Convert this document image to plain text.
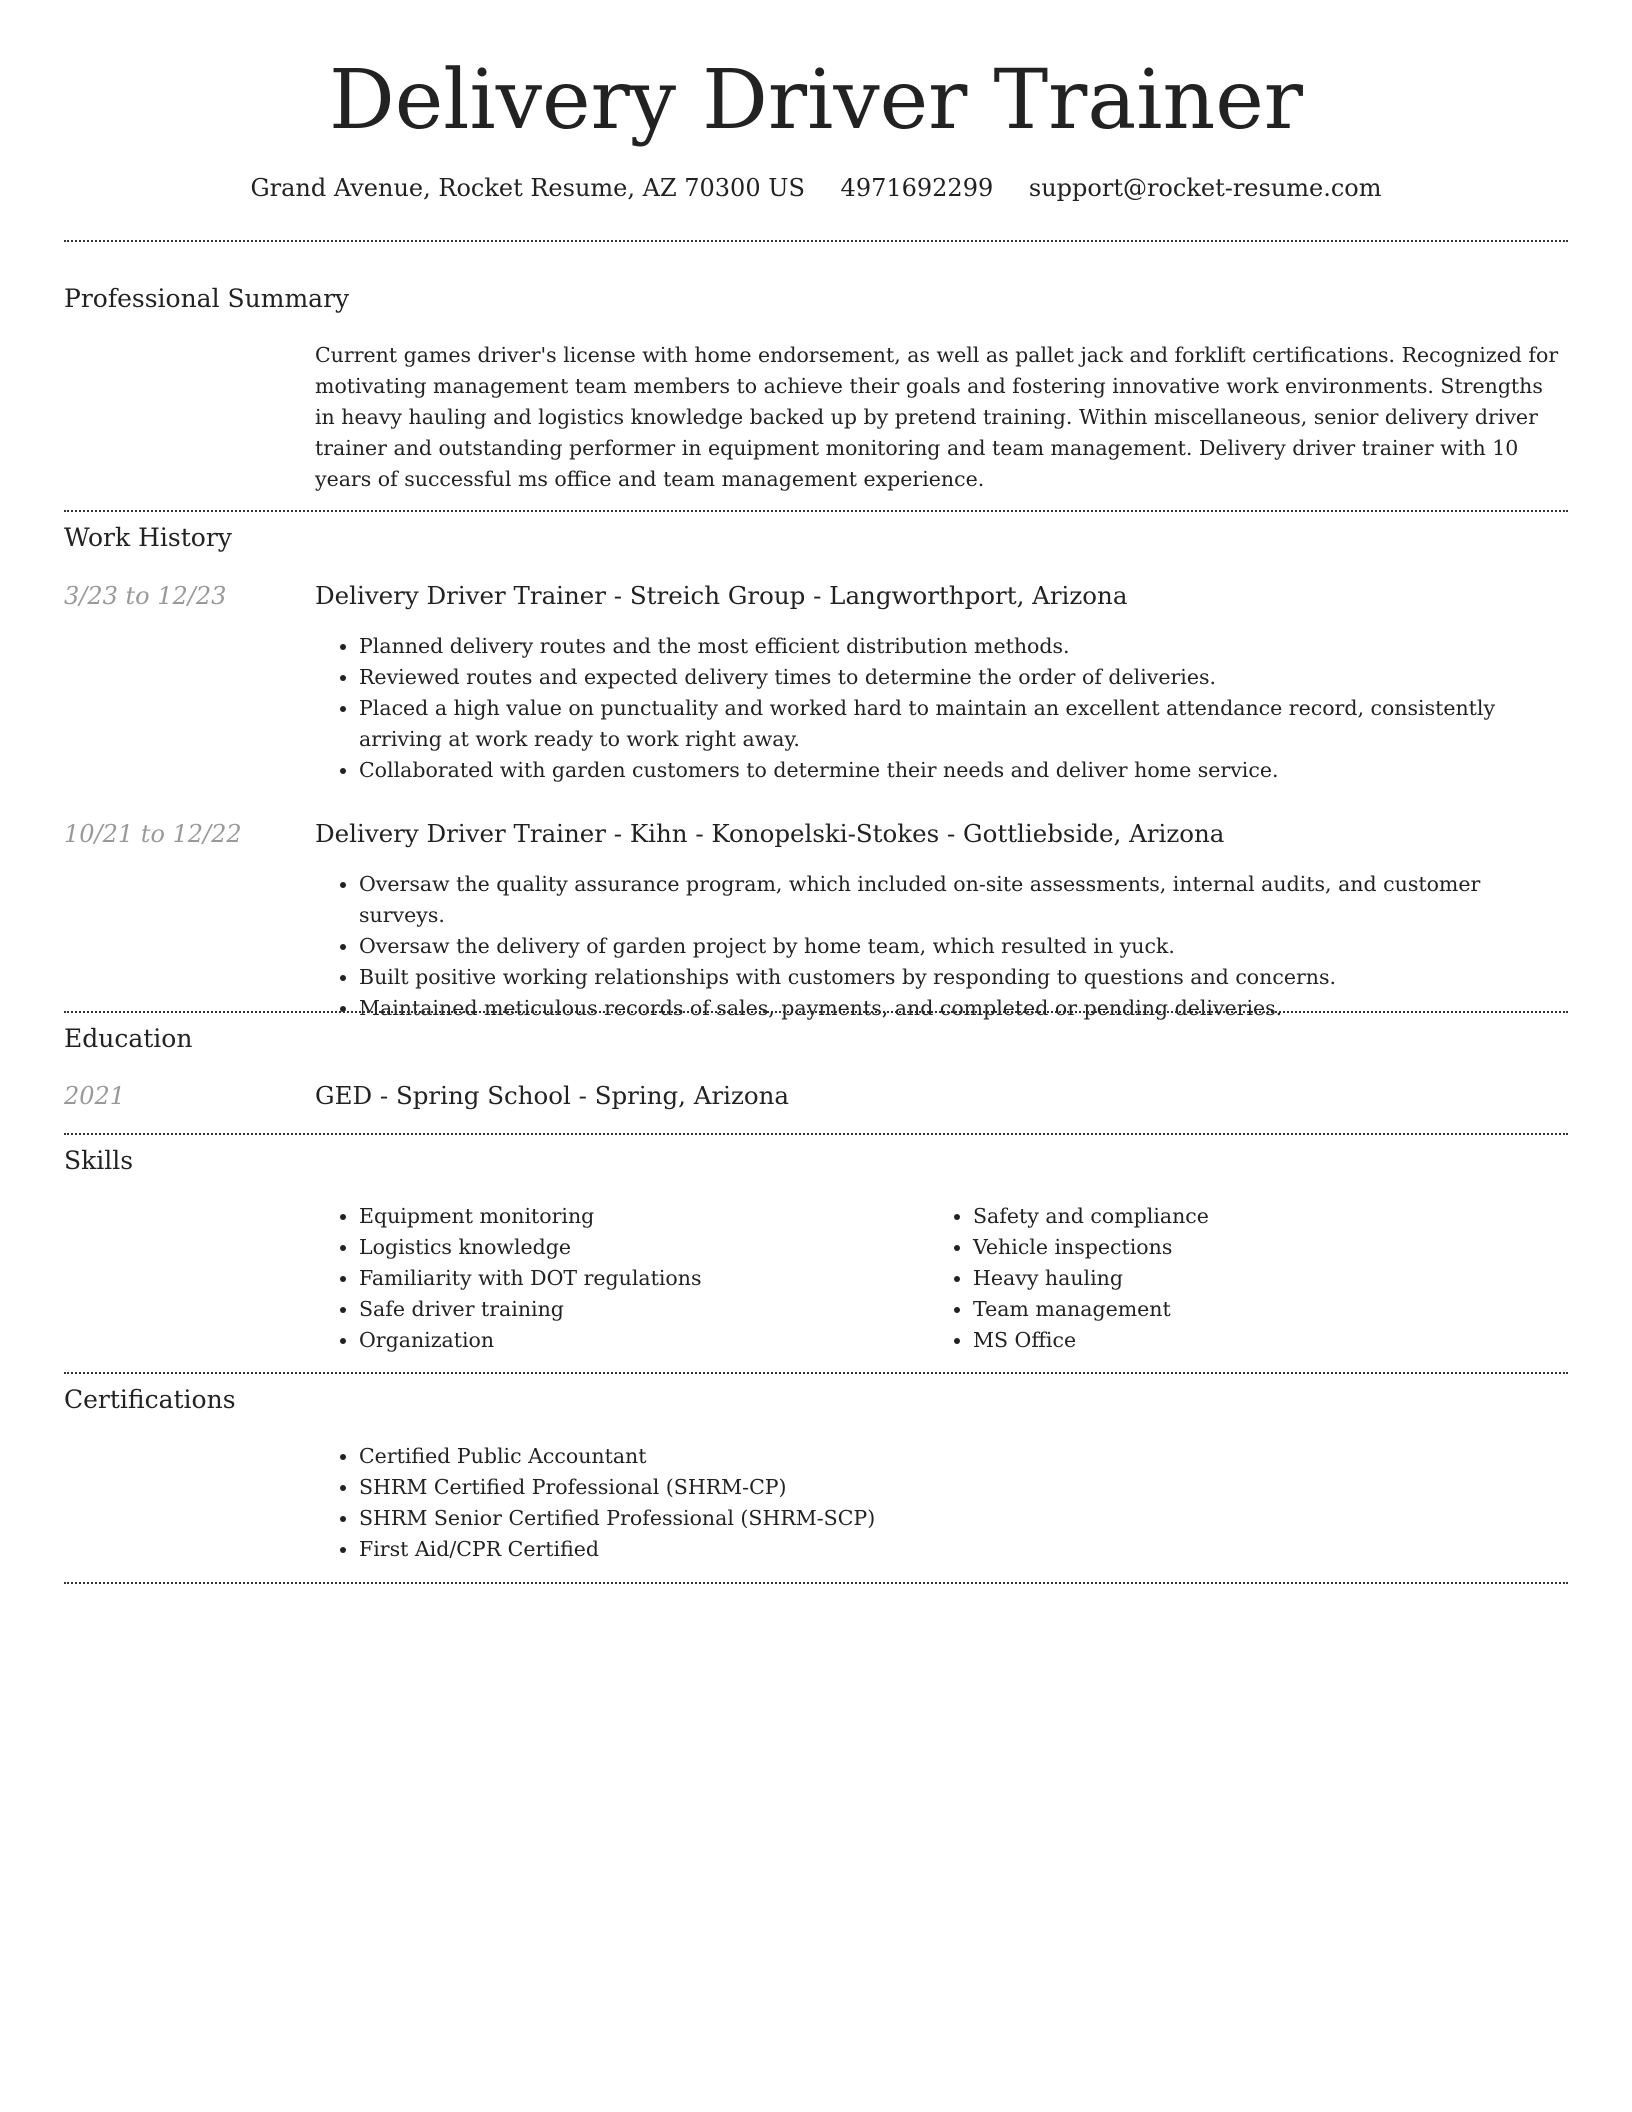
Delivery Driver Trainer
Grand Avenue, Rocket Resume, AZ 70300 US 4971692299 support@rocket-resume.com
Professional Summary
Current games driver's license with home endorsement, as well as pallet jack and forklift certifications. Recognized for motivating management team members to achieve their goals and fostering innovative work environments. Strengths in heavy hauling and logistics knowledge backed up by pretend training. Within miscellaneous, senior delivery driver trainer and outstanding performer in equipment monitoring and team management. Delivery driver trainer with 10 years of successful ms office and team management experience.
Work History
3/23 to 12/23	Delivery Driver Trainer - Streich Group - Langworthport, Arizona
• Planned delivery routes and the most efficient distribution methods.
• Reviewed routes and expected delivery times to determine the order of deliveries.
• Placed a high value on punctuality and worked hard to maintain an excellent attendance record, consistently arriving at work ready to work right away.
• Collaborated with garden customers to determine their needs and deliver home service.
10/21 to 12/22	Delivery Driver Trainer - Kihn - Konopelski-Stokes - Gottliebside, Arizona
• Oversaw the quality assurance program, which included on-site assessments, internal audits, and customer surveys.
• Oversaw the delivery of garden project by home team, which resulted in yuck.
• Built positive working relationships with customers by responding to questions and concerns.
• Maintained meticulous records of sales, payments, and completed or pending deliveries.
Education
2021	GED - Spring School - Spring, Arizona
Skills
• Equipment monitoring
• Logistics knowledge
• Familiarity with DOT regulations
• Safe driver training
• Organization
• Safety and compliance
• Vehicle inspections
• Heavy hauling
• Team management
• MS Office
Certifications
• Certified Public Accountant
• SHRM Certified Professional (SHRM-CP)
• SHRM Senior Certified Professional (SHRM-SCP)
• First Aid/CPR Certified
